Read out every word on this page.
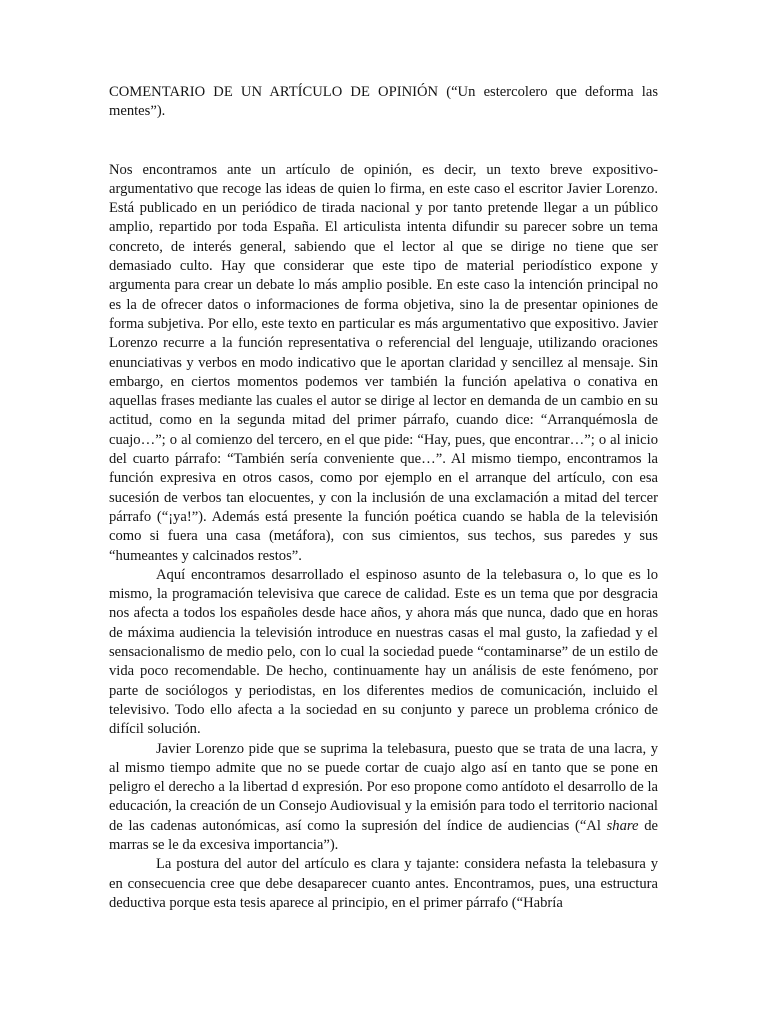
COMENTARIO DE UN ARTÍCULO DE OPINIÓN (“Un estercolero que deforma las mentes”).

Nos encontramos ante un artículo de opinión, es decir, un texto breve expositivo-argumentativo que recoge las ideas de quien lo firma, en este caso el escritor Javier Lorenzo. Está publicado en un periódico de tirada nacional y por tanto pretende llegar a un público amplio, repartido por toda España. El articulista intenta difundir su parecer sobre un tema concreto, de interés general, sabiendo que el lector al que se dirige no tiene que ser demasiado culto. Hay que considerar que este tipo de material periodístico expone y argumenta para crear un debate lo más amplio posible. En este caso la intención principal no es la de ofrecer datos o informaciones de forma objetiva, sino la de presentar opiniones de forma subjetiva. Por ello, este texto en particular es más argumentativo que expositivo. Javier Lorenzo recurre a la función representativa o referencial del lenguaje, utilizando oraciones enunciativas y verbos en modo indicativo que le aportan claridad y sencillez al mensaje. Sin embargo, en ciertos momentos podemos ver también la función apelativa o conativa en aquellas frases mediante las cuales el autor se dirige al lector en demanda de un cambio en su actitud, como en la segunda mitad del primer párrafo, cuando dice: “Arranquémosla de cuajo…”; o al comienzo del tercero, en el que pide: “Hay, pues, que encontrar…”; o al inicio del cuarto párrafo: “También sería conveniente que…”. Al mismo tiempo, encontramos la función expresiva en otros casos, como por ejemplo en el arranque del artículo, con esa sucesión de verbos tan elocuentes, y con la inclusión de una exclamación a mitad del tercer párrafo (“¡ya!”). Además está presente la función poética cuando se habla de la televisión como si fuera una casa (metáfora), con sus cimientos, sus techos, sus paredes y sus “humeantes y calcinados restos”.

Aquí encontramos desarrollado el espinoso asunto de la telebasura o, lo que es lo mismo, la programación televisiva que carece de calidad. Este es un tema que por desgracia nos afecta a todos los españoles desde hace años, y ahora más que nunca, dado que en horas de máxima audiencia la televisión introduce en nuestras casas el mal gusto, la zafiedad y el sensacionalismo de medio pelo, con lo cual la sociedad puede “contaminarse” de un estilo de vida poco recomendable. De hecho, continuamente hay un análisis de este fenómeno, por parte de sociólogos y periodistas, en los diferentes medios de comunicación, incluido el televisivo. Todo ello afecta a la sociedad en su conjunto y parece un problema crónico de difícil solución.

Javier Lorenzo pide que se suprima la telebasura, puesto que se trata de una lacra, y al mismo tiempo admite que no se puede cortar de cuajo algo así en tanto que se pone en peligro el derecho a la libertad d expresión. Por eso propone como antídoto el desarrollo de la educación, la creación de un Consejo Audiovisual y la emisión para todo el territorio nacional de las cadenas autonómicas, así como la supresión del índice de audiencias (“Al share de marras se le da excesiva importancia”).

La postura del autor del artículo es clara y tajante: considera nefasta la telebasura y en consecuencia cree que debe desaparecer cuanto antes. Encontramos, pues, una estructura deductiva porque esta tesis aparece al principio, en el primer párrafo (“Habría
